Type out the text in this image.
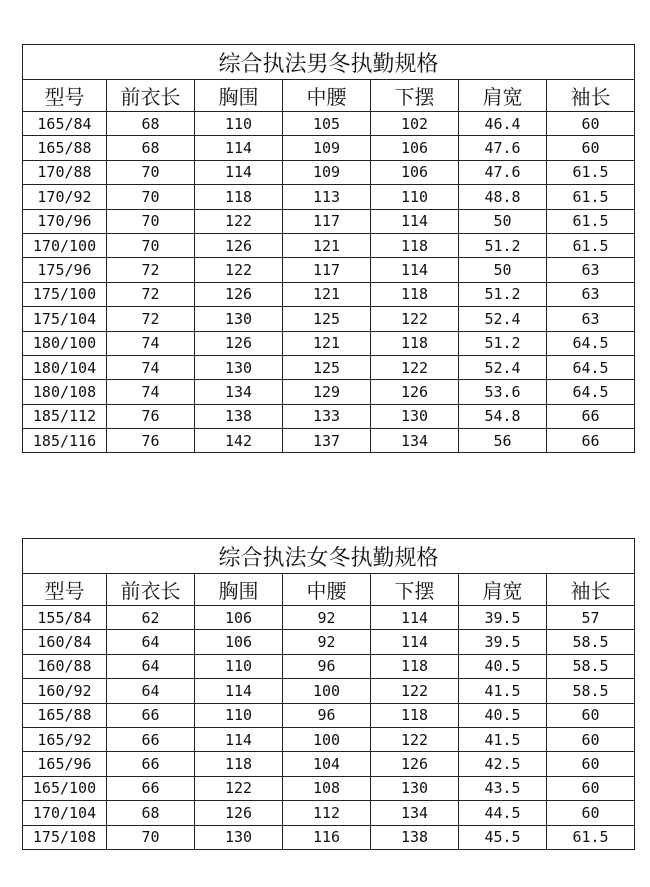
综合执法男冬执勤规格						
型号	前衣长	胸围	中腰	下摆	肩宽	袖长
165/84	68	110	105	102	46.4	60
165/88	68	114	109	106	47.6	60
170/88	70	114	109	106	47.6	61.5
170/92	70	118	113	110	48.8	61.5
170/96	70	122	117	114	50	61.5
170/100	70	126	121	118	51.2	61.5
175/96	72	122	117	114	50	63
175/100	72	126	121	118	51.2	63
175/104	72	130	125	122	52.4	63
180/100	74	126	121	118	51.2	64.5
180/104	74	130	125	122	52.4	64.5
180/108	74	134	129	126	53.6	64.5
185/112	76	138	133	130	54.8	66
185/116	76	142	137	134	56	66
综合执法女冬执勤规格						
型号	前衣长	胸围	中腰	下摆	肩宽	袖长
155/84	62	106	92	114	39.5	57
160/84	64	106	92	114	39.5	58.5
160/88	64	110	96	118	40.5	58.5
160/92	64	114	100	122	41.5	58.5
165/88	66	110	96	118	40.5	60
165/92	66	114	100	122	41.5	60
165/96	66	118	104	126	42.5	60
165/100	66	122	108	130	43.5	60
170/104	68	126	112	134	44.5	60
175/108	70	130	116	138	45.5	61.5
